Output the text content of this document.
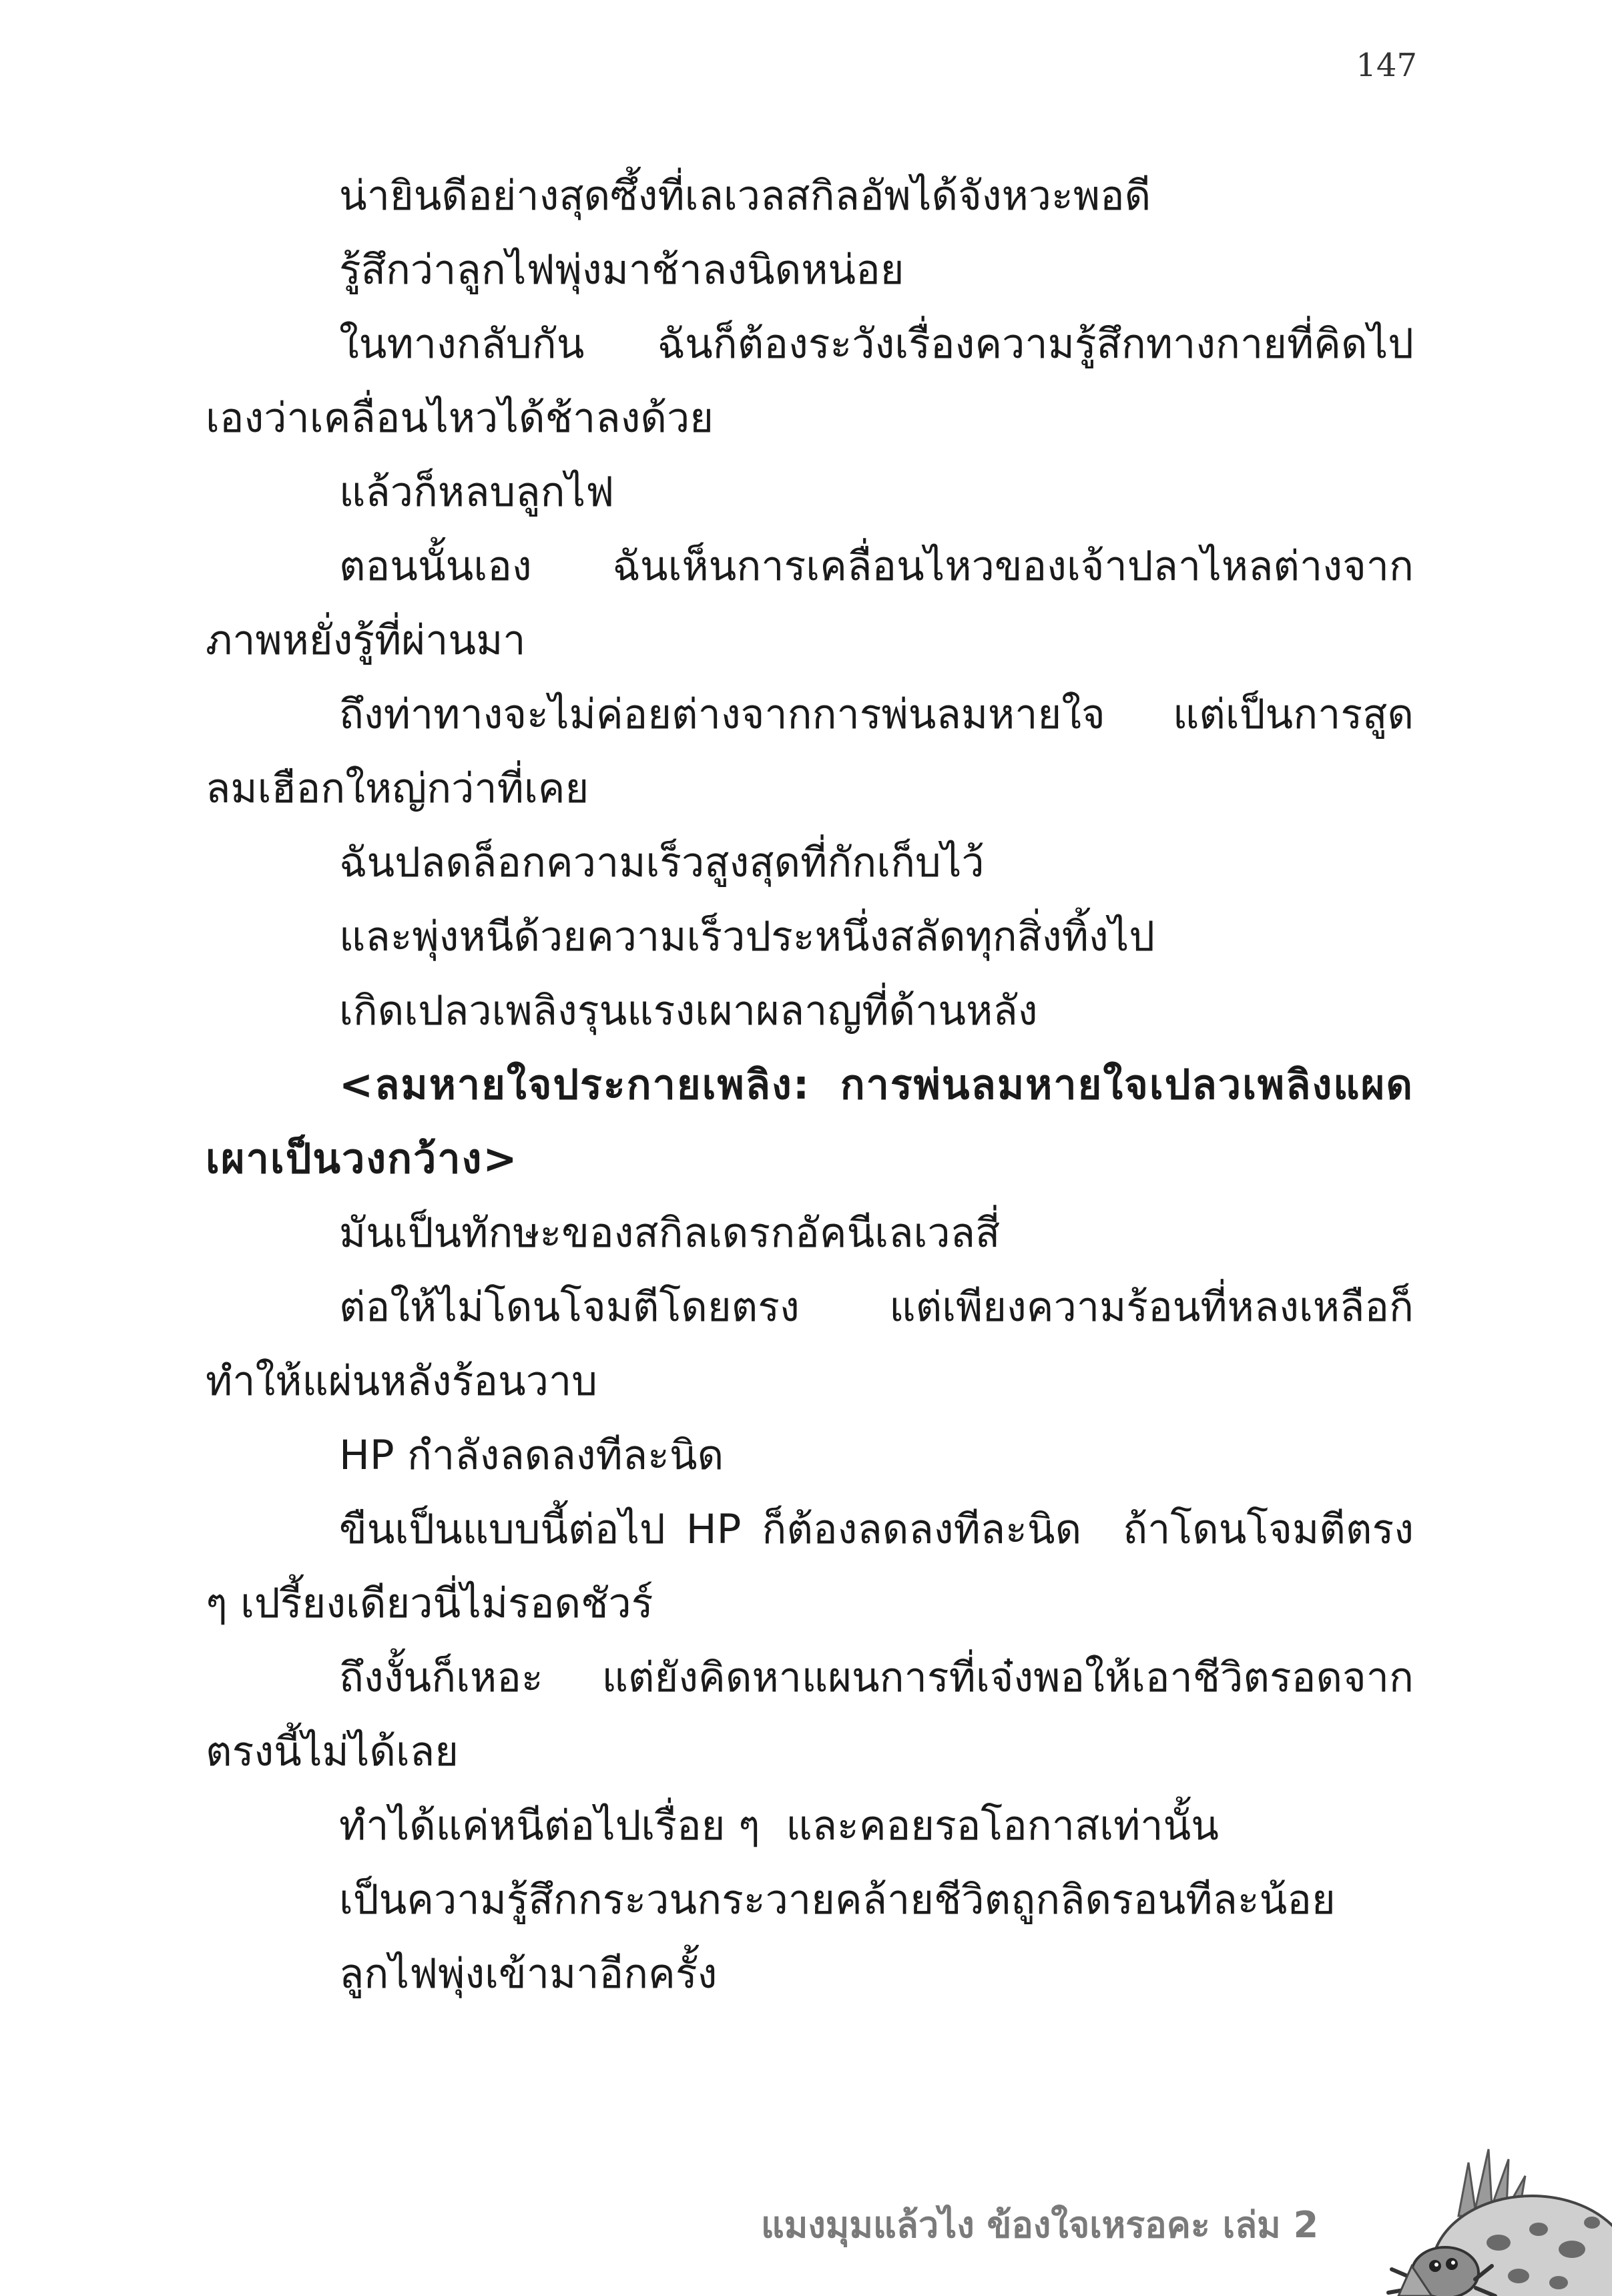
147

น่ายินดีอย่างสุดซึ้งที่เลเวลสกิลอัพได้จังหวะพอดี

รู้สึกว่าลูกไฟพุ่งมาช้าลงนิดหน่อย

ในทางกลับกัน  ฉันก็ต้องระวังเรื่องความรู้สึกทางกายที่คิดไปเองว่าเคลื่อนไหวได้ช้าลงด้วย

แล้วก็หลบลูกไฟ

ตอนนั้นเอง  ฉันเห็นการเคลื่อนไหวของเจ้าปลาไหลต่างจากภาพหยั่งรู้ที่ผ่านมา

ถึงท่าทางจะไม่ค่อยต่างจากการพ่นลมหายใจ  แต่เป็นการสูดลมเฮือกใหญ่กว่าที่เคย

ฉันปลดล็อกความเร็วสูงสุดที่กักเก็บไว้

และพุ่งหนีด้วยความเร็วประหนึ่งสลัดทุกสิ่งทิ้งไป

เกิดเปลวเพลิงรุนแรงเผาผลาญที่ด้านหลัง

<ลมหายใจประกายเพลิง: การพ่นลมหายใจเปลวเพลิงแผดเผาเป็นวงกว้าง>

มันเป็นทักษะของสกิลเดรกอัคนีเลเวลสี่

ต่อให้ไม่โดนโจมตีโดยตรง  แต่เพียงความร้อนที่หลงเหลือก็ทำให้แผ่นหลังร้อนวาบ

HP กำลังลดลงทีละนิด

ขืนเป็นแบบนี้ต่อไป HP ก็ต้องลดลงทีละนิด  ถ้าโดนโจมตีตรง ๆ เปรี้ยงเดียวนี่ไม่รอดชัวร์

ถึงงั้นก็เหอะ  แต่ยังคิดหาแผนการที่เจ๋งพอให้เอาชีวิตรอดจากตรงนี้ไม่ได้เลย

ทำได้แค่หนีต่อไปเรื่อย ๆ  และคอยรอโอกาสเท่านั้น

เป็นความรู้สึกกระวนกระวายคล้ายชีวิตถูกลิดรอนทีละน้อย

ลูกไฟพุ่งเข้ามาอีกครั้ง

แมงมุมแล้วไง ข้องใจเหรอคะ เล่ม 2
